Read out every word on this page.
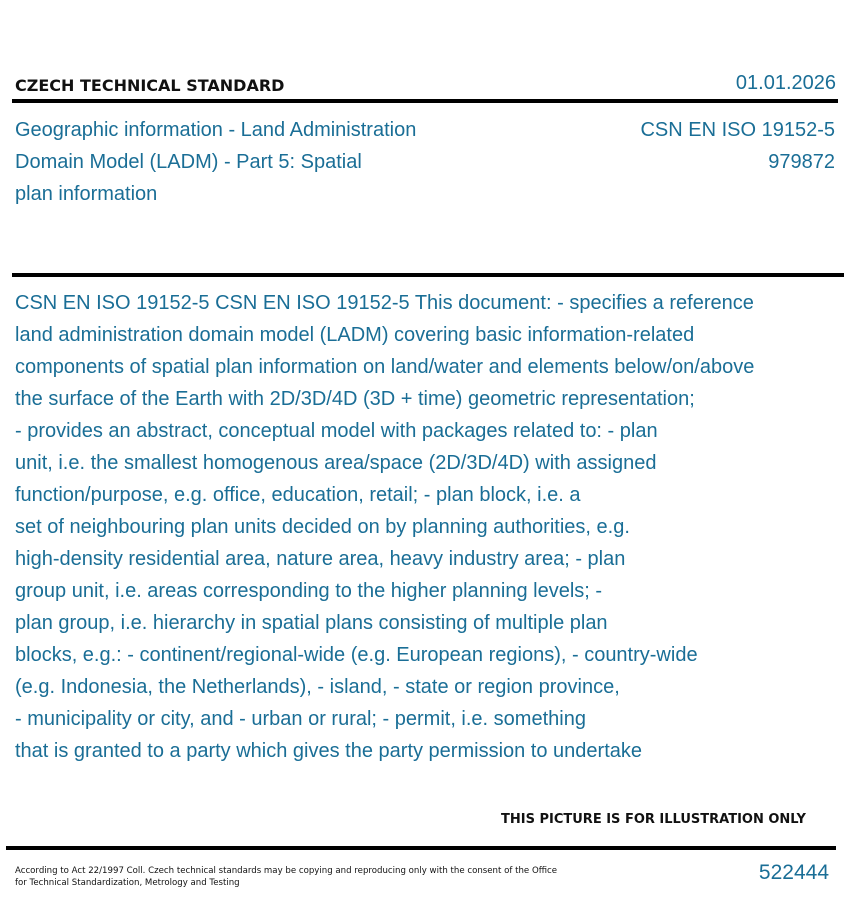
CZECH TECHNICAL STANDARD	01.01.2026
Geographic information - Land Administration
Domain Model (LADM) - Part 5: Spatial
plan information
CSN EN ISO 19152-5
979872
CSN EN ISO 19152-5 CSN EN ISO 19152-5 This document: - specifies a reference
land administration domain model (LADM) covering basic information-related
components of spatial plan information on land/water and elements below/on/above
the surface of the Earth with 2D/3D/4D (3D + time) geometric representation;
- provides an abstract, conceptual model with packages related to: - plan
unit, i.e. the smallest homogenous area/space (2D/3D/4D) with assigned
function/purpose, e.g. office, education, retail; - plan block, i.e. a
set of neighbouring plan units decided on by planning authorities, e.g.
high-density residential area, nature area, heavy industry area; - plan
group unit, i.e. areas corresponding to the higher planning levels; -
plan group, i.e. hierarchy in spatial plans consisting of multiple plan
blocks, e.g.: - continent/regional-wide (e.g. European regions), - country-wide
(e.g. Indonesia, the Netherlands), - island, - state or region province,
- municipality or city, and - urban or rural; - permit, i.e. something
that is granted to a party which gives the party permission to undertake
THIS PICTURE IS FOR ILLUSTRATION ONLY
According to Act 22/1997 Coll. Czech technical standards may be copying and reproducing only with the consent of the Office
for Technical Standardization, Metrology and Testing	522444
